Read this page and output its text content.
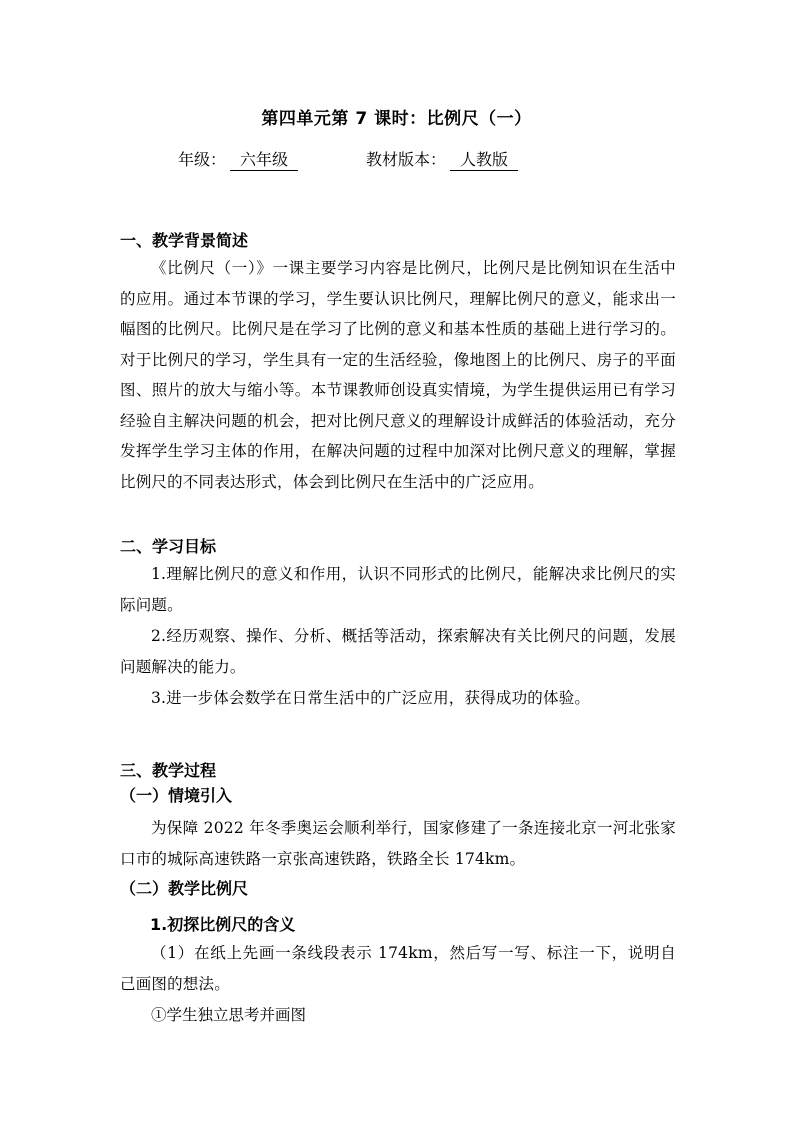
第四单元第 7 课时：比例尺（一）
年级： 六年级	教材版本： 人教版
一、教学背景简述

《比例尺（一）》一课主要学习内容是比例尺，比例尺是比例知识在生活中的应用。通过本节课的学习，学生要认识比例尺，理解比例尺的意义，能求出一幅图的比例尺。比例尺是在学习了比例的意义和基本性质的基础上进行学习的。对于比例尺的学习，学生具有一定的生活经验，像地图上的比例尺、房子的平面图、照片的放大与缩小等。本节课教师创设真实情境，为学生提供运用已有学习经验自主解决问题的机会，把对比例尺意义的理解设计成鲜活的体验活动，充分发挥学生学习主体的作用，在解决问题的过程中加深对比例尺意义的理解，掌握比例尺的不同表达形式，体会到比例尺在生活中的广泛应用。

二、学习目标

1.理解比例尺的意义和作用，认识不同形式的比例尺，能解决求比例尺的实际问题。

2.经历观察、操作、分析、概括等活动，探索解决有关比例尺的问题，发展问题解决的能力。

3.进一步体会数学在日常生活中的广泛应用，获得成功的体验。

三、教学过程
（一）情境引入

为保障 2022 年冬季奥运会顺利举行，国家修建了一条连接北京一河北张家口市的城际高速铁路一京张高速铁路，铁路全长 174km。

（二）教学比例尺
1.初探比例尺的含义

（1）在纸上先画一条线段表示 174km，然后写一写、标注一下，说明自己画图的想法。

①学生独立思考并画图
